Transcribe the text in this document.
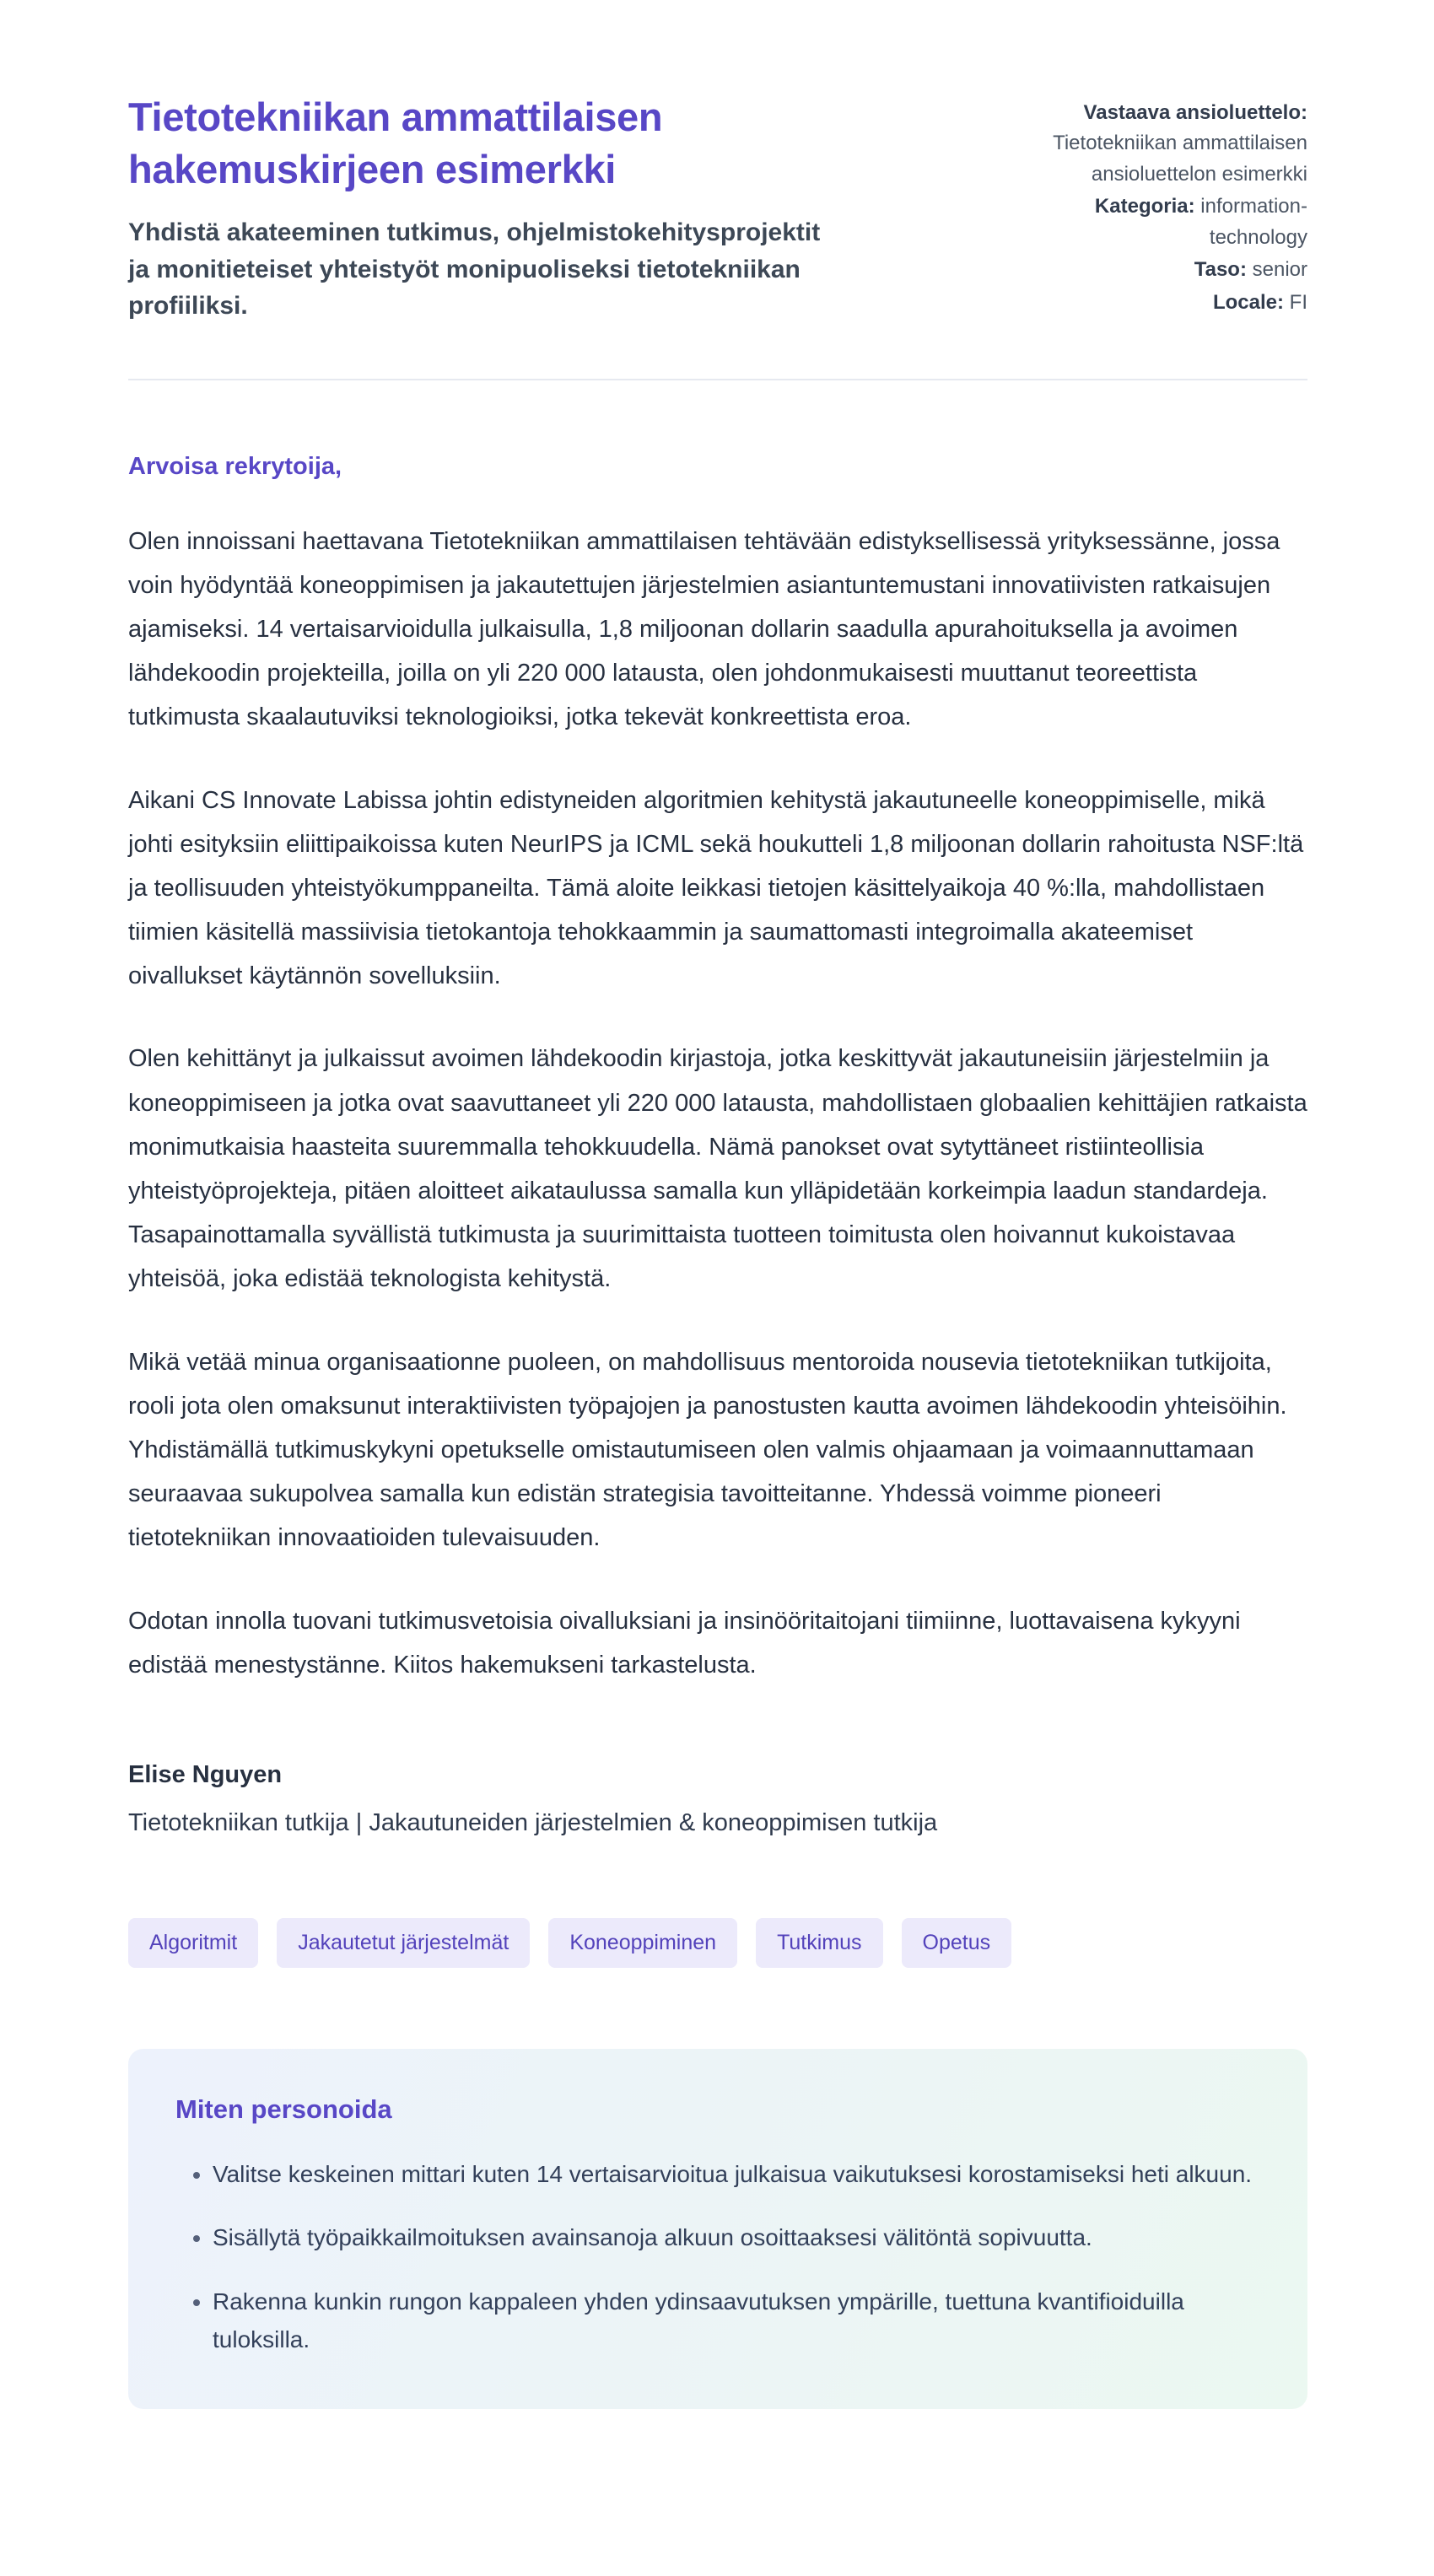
Tietotekniikan ammattilaisen hakemuskirjeen esimerkki

Yhdistä akateeminen tutkimus, ohjelmistokehitysprojektit ja monitieteiset yhteistyöt monipuoliseksi tietotekniikan profiiliksi.

Vastaava ansioluettelo:
Tietotekniikan ammattilaisen ansioluettelon esimerkki
Kategoria: information-technology
Taso: senior
Locale: FI

Arvoisa rekrytoija,

Olen innoissani haettavana Tietotekniikan ammattilaisen tehtävään edistyksellisessä yrityksessänne, jossa voin hyödyntää koneoppimisen ja jakautettujen järjestelmien asiantuntemustani innovatiivisten ratkaisujen ajamiseksi. 14 vertaisarvioidulla julkaisulla, 1,8 miljoonan dollarin saadulla apurahoituksella ja avoimen lähdekoodin projekteilla, joilla on yli 220 000 latausta, olen johdonmukaisesti muuttanut teoreettista tutkimusta skaalautuviksi teknologioiksi, jotka tekevät konkreettista eroa.

Aikani CS Innovate Labissa johtin edistyneiden algoritmien kehitystä jakautuneelle koneoppimiselle, mikä johti esityksiin eliittipaikoissa kuten NeurIPS ja ICML sekä houkutteli 1,8 miljoonan dollarin rahoitusta NSF:ltä ja teollisuuden yhteistyökumppaneilta. Tämä aloite leikkasi tietojen käsittelyaikoja 40 %:lla, mahdollistaen tiimien käsitellä massiivisia tietokantoja tehokkaammin ja saumattomasti integroimalla akateemiset oivallukset käytännön sovelluksiin.

Olen kehittänyt ja julkaissut avoimen lähdekoodin kirjastoja, jotka keskittyvät jakautuneisiin järjestelmiin ja koneoppimiseen ja jotka ovat saavuttaneet yli 220 000 latausta, mahdollistaen globaalien kehittäjien ratkaista monimutkaisia haasteita suuremmalla tehokkuudella. Nämä panokset ovat sytyttäneet ristiinteollisia yhteistyöprojekteja, pitäen aloitteet aikataulussa samalla kun ylläpidetään korkeimpia laadun standardeja. Tasapainottamalla syvällistä tutkimusta ja suurimittaista tuotteen toimitusta olen hoivannut kukoistavaa yhteisöä, joka edistää teknologista kehitystä.

Mikä vetää minua organisaationne puoleen, on mahdollisuus mentoroida nousevia tietotekniikan tutkijoita, rooli jota olen omaksunut interaktiivisten työpajojen ja panostusten kautta avoimen lähdekoodin yhteisöihin. Yhdistämällä tutkimuskykyni opetukselle omistautumiseen olen valmis ohjaamaan ja voimaannuttamaan seuraavaa sukupolvea samalla kun edistän strategisia tavoitteitanne. Yhdessä voimme pioneeri tietotekniikan innovaatioiden tulevaisuuden.

Odotan innolla tuovani tutkimusvetoisia oivalluksiani ja insinööritaitojani tiimiinne, luottavaisena kykyyni edistää menestystänne. Kiitos hakemukseni tarkastelusta.

Elise Nguyen

Tietotekniikan tutkija | Jakautuneiden järjestelmien & koneoppimisen tutkija

Algoritmit	Jakautetut järjestelmät	Koneoppiminen	Tutkimus	Opetus
Miten personoida
• Valitse keskeinen mittari kuten 14 vertaisarvioitua julkaisua vaikutuksesi korostamiseksi heti alkuun.
• Sisällytä työpaikkailmoituksen avainsanoja alkuun osoittaaksesi välitöntä sopivuutta.
• Rakenna kunkin rungon kappaleen yhden ydinsaavutuksen ympärille, tuettuna kvantifioiduilla tuloksilla.
